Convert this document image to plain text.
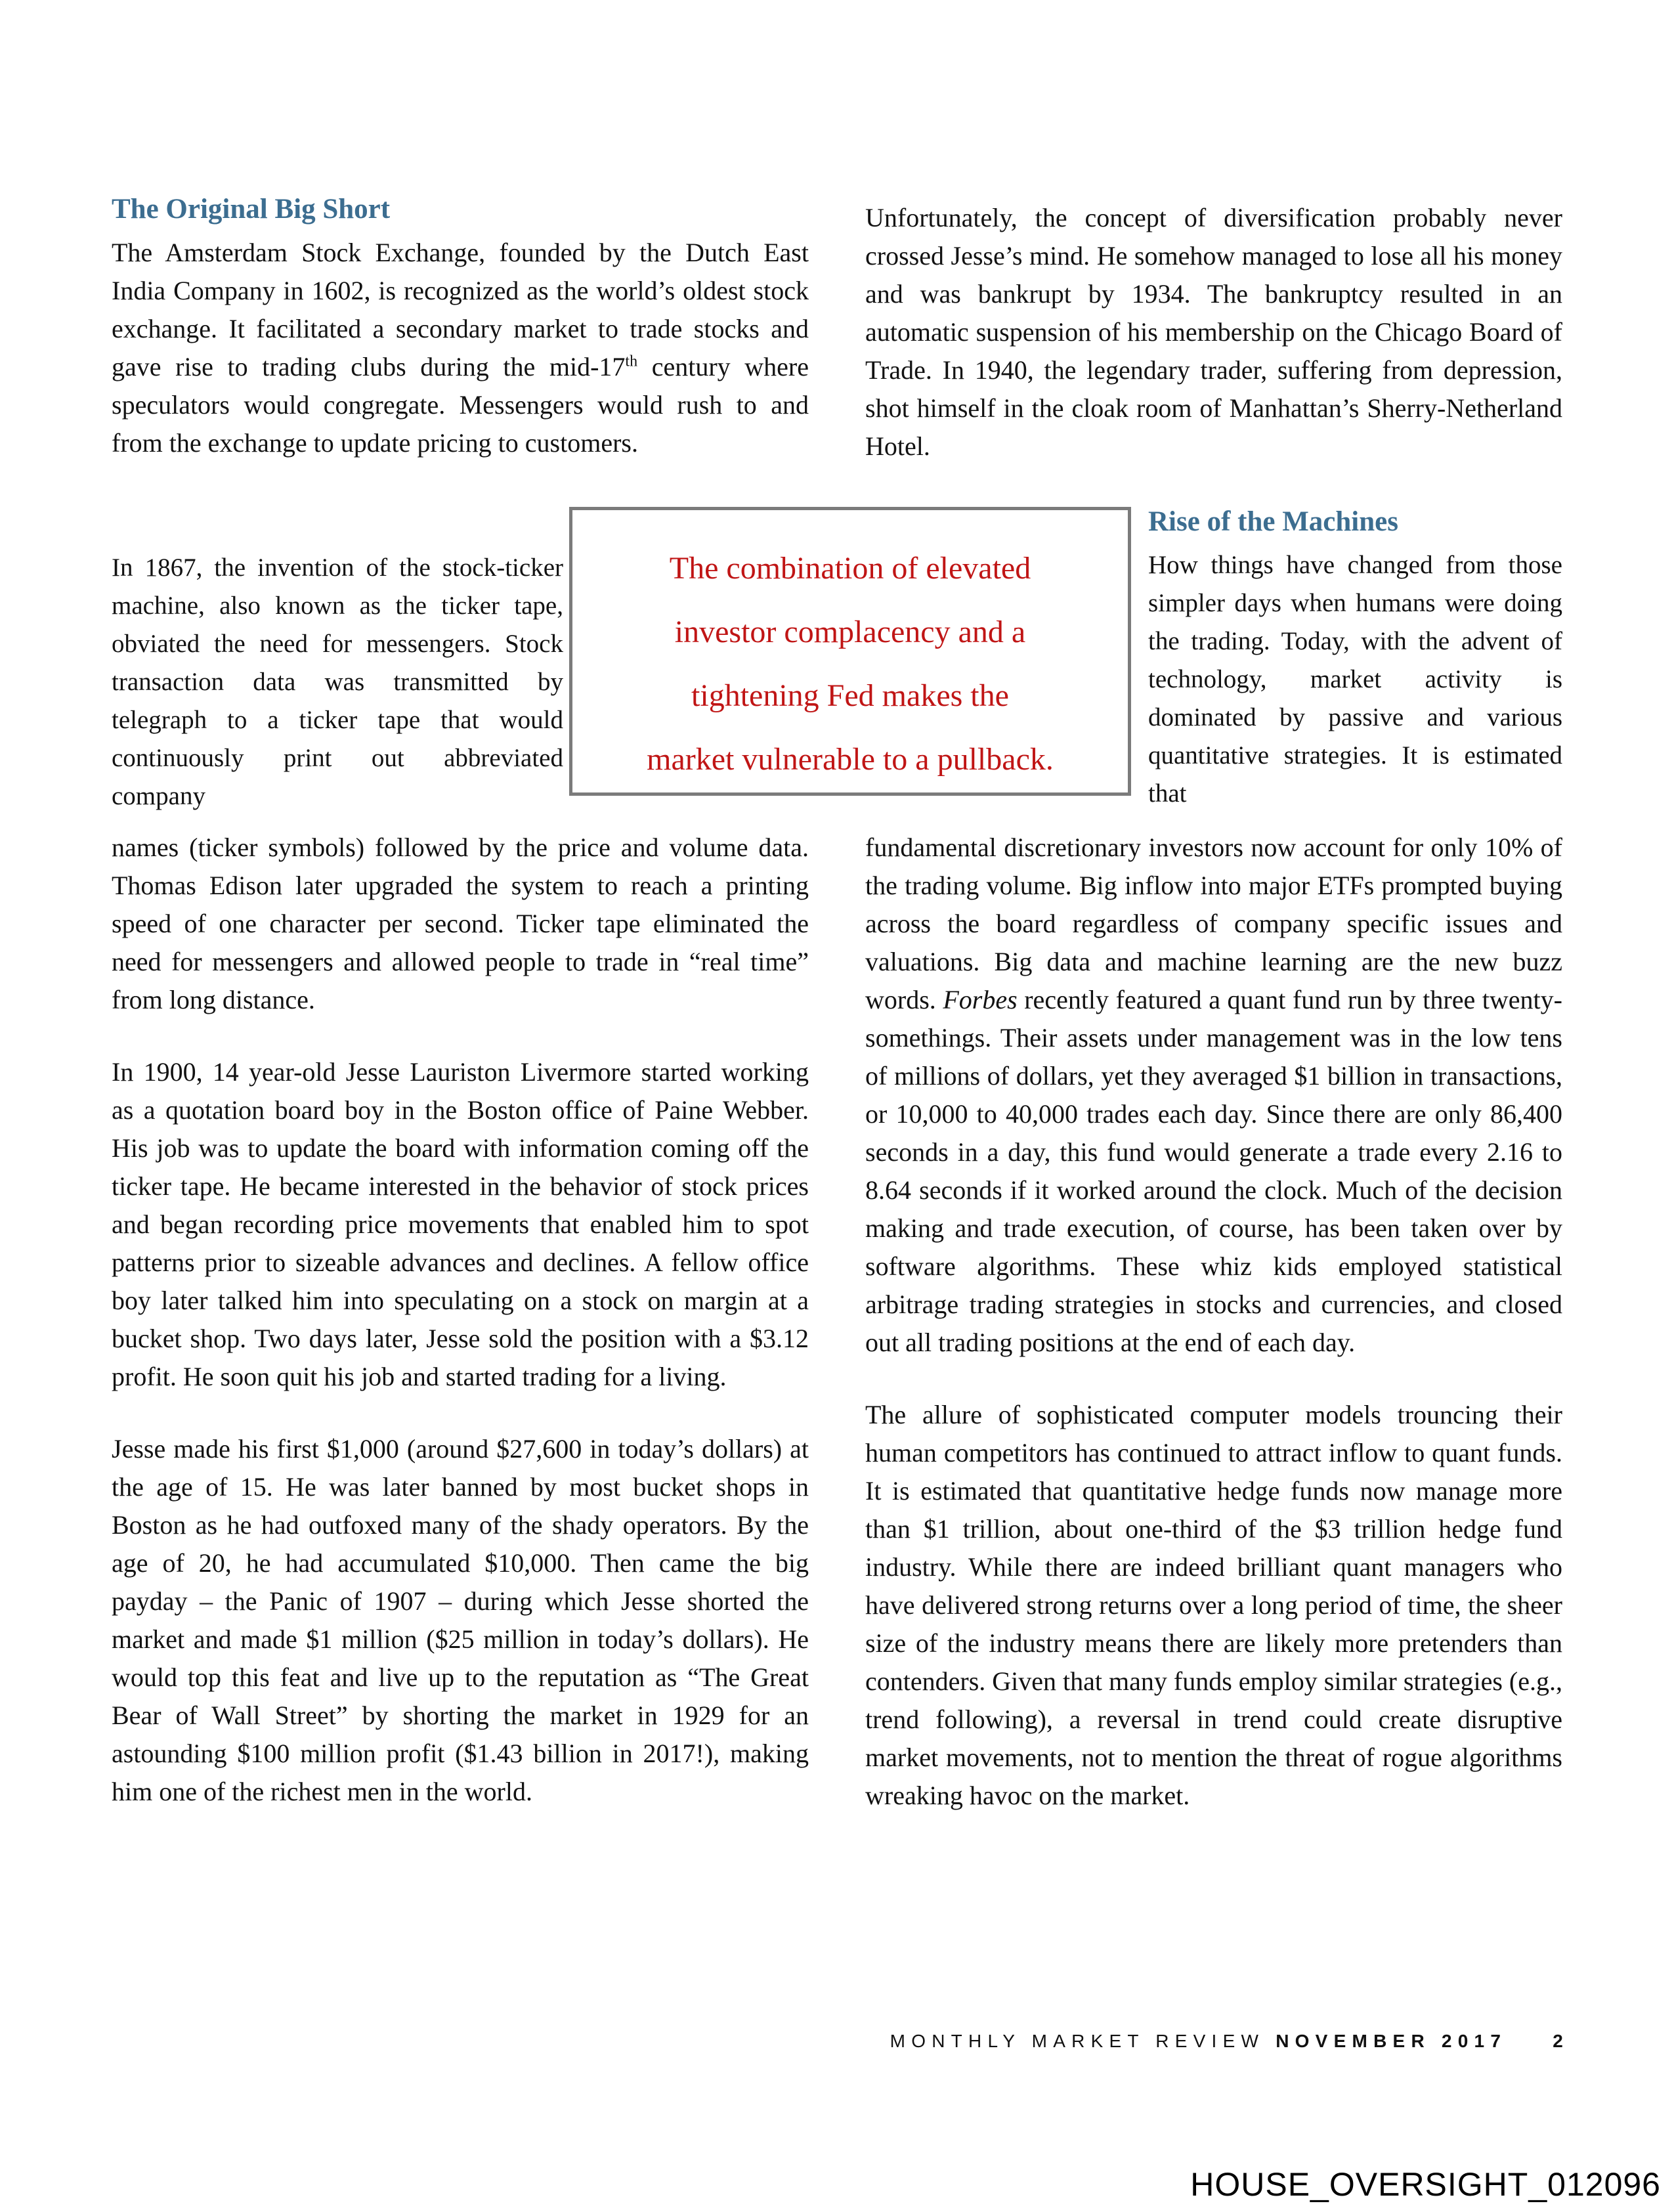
The Original Big Short

The Amsterdam Stock Exchange, founded by the Dutch East India Company in 1602, is recognized as the world’s oldest stock exchange. It facilitated a secondary market to trade stocks and gave rise to trading clubs during the mid-17th century where speculators would congregate. Messengers would rush to and from the exchange to update pricing to customers.

In 1867, the invention of the stock-ticker machine, also known as the ticker tape, obviated the need for messengers. Stock transaction data was transmitted by telegraph to a ticker tape that would continuously print out abbreviated company

The combination of elevated
investor complacency and a
tightening Fed makes the
market vulnerable to a pullback.

names (ticker symbols) followed by the price and volume data. Thomas Edison later upgraded the system to reach a printing speed of one character per second. Ticker tape eliminated the need for messengers and allowed people to trade in “real time” from long distance.

In 1900, 14 year-old Jesse Lauriston Livermore started working as a quotation board boy in the Boston office of Paine Webber. His job was to update the board with information coming off the ticker tape. He became interested in the behavior of stock prices and began recording price movements that enabled him to spot patterns prior to sizeable advances and declines. A fellow office boy later talked him into speculating on a stock on margin at a bucket shop. Two days later, Jesse sold the position with a $3.12 profit. He soon quit his job and started trading for a living.

Jesse made his first $1,000 (around $27,600 in today’s dollars) at the age of 15. He was later banned by most bucket shops in Boston as he had outfoxed many of the shady operators. By the age of 20, he had accumulated $10,000. Then came the big payday – the Panic of 1907 – during which Jesse shorted the market and made $1 million ($25 million in today’s dollars). He would top this feat and live up to the reputation as “The Great Bear of Wall Street” by shorting the market in 1929 for an astounding $100 million profit ($1.43 billion in 2017!), making him one of the richest men in the world.

Unfortunately, the concept of diversification probably never crossed Jesse’s mind. He somehow managed to lose all his money and was bankrupt by 1934. The bankruptcy resulted in an automatic suspension of his membership on the Chicago Board of Trade. In 1940, the legendary trader, suffering from depression, shot himself in the cloak room of Manhattan’s Sherry-Netherland Hotel.

Rise of the Machines

How things have changed from those simpler days when humans were doing the trading. Today, with the advent of technology, market activity is dominated by passive and various quantitative strategies. It is estimated that

fundamental discretionary investors now account for only 10% of the trading volume. Big inflow into major ETFs prompted buying across the board regardless of company specific issues and valuations. Big data and machine learning are the new buzz words. Forbes recently featured a quant fund run by three twenty-somethings. Their assets under management was in the low tens of millions of dollars, yet they averaged $1 billion in transactions, or 10,000 to 40,000 trades each day. Since there are only 86,400 seconds in a day, this fund would generate a trade every 2.16 to 8.64 seconds if it worked around the clock. Much of the decision making and trade execution, of course, has been taken over by software algorithms. These whiz kids employed statistical arbitrage trading strategies in stocks and currencies, and closed out all trading positions at the end of each day.

The allure of sophisticated computer models trouncing their human competitors has continued to attract inflow to quant funds. It is estimated that quantitative hedge funds now manage more than $1 trillion, about one-third of the $3 trillion hedge fund industry. While there are indeed brilliant quant managers who have delivered strong returns over a long period of time, the sheer size of the industry means there are likely more pretenders than contenders. Given that many funds employ similar strategies (e.g., trend following), a reversal in trend could create disruptive market movements, not to mention the threat of rogue algorithms wreaking havoc on the market.

MONTHLY MARKET REVIEW NOVEMBER 2017	2
HOUSE_OVERSIGHT_012096
